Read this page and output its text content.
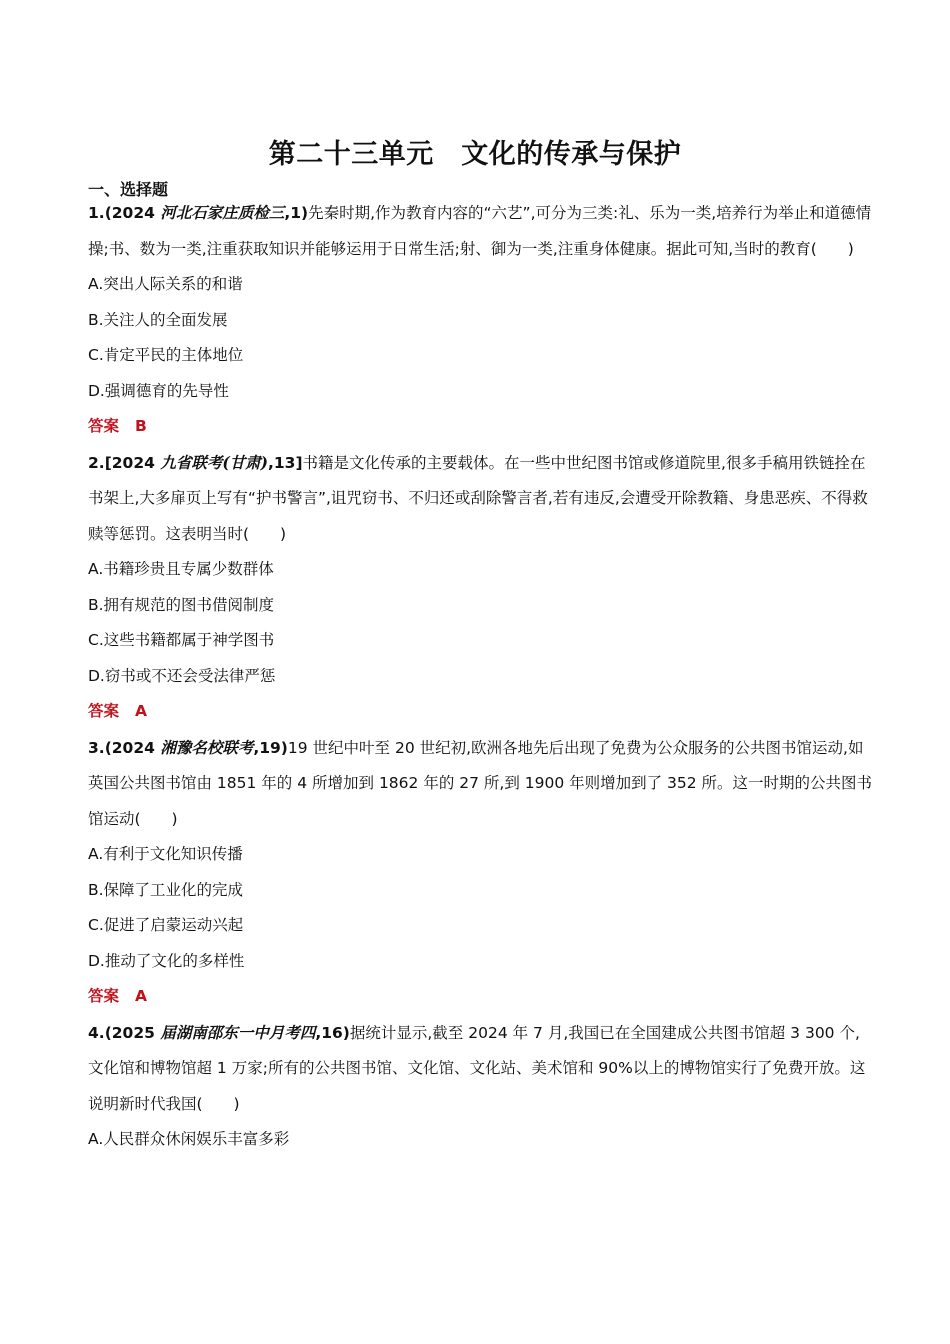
第二十三单元　文化的传承与保护
一、选择题

1.(2024 河北石家庄质检三,1)先秦时期,作为教育内容的“六艺”,可分为三类:礼、乐为一类,培养行为举止和道德情操;书、数为一类,注重获取知识并能够运用于日常生活;射、御为一类,注重身体健康。据此可知,当时的教育(　　)

A.突出人际关系的和谐

B.关注人的全面发展

C.肯定平民的主体地位

D.强调德育的先导性

答案 B

2.[2024 九省联考(甘肃),13]书籍是文化传承的主要载体。在一些中世纪图书馆或修道院里,很多手稿用铁链拴在书架上,大多扉页上写有“护书警言”,诅咒窃书、不归还或刮除警言者,若有违反,会遭受开除教籍、身患恶疾、不得救赎等惩罚。这表明当时(　　)

A.书籍珍贵且专属少数群体

B.拥有规范的图书借阅制度

C.这些书籍都属于神学图书

D.窃书或不还会受法律严惩

答案 A

3.(2024 湘豫名校联考,19)19 世纪中叶至 20 世纪初,欧洲各地先后出现了免费为公众服务的公共图书馆运动,如英国公共图书馆由 1851 年的 4 所增加到 1862 年的 27 所,到 1900 年则增加到了 352 所。这一时期的公共图书馆运动(　　)

A.有利于文化知识传播

B.保障了工业化的完成

C.促进了启蒙运动兴起

D.推动了文化的多样性

答案 A

4.(2025 届湖南邵东一中月考四,16)据统计显示,截至 2024 年 7 月,我国已在全国建成公共图书馆超 3 300 个,文化馆和博物馆超 1 万家;所有的公共图书馆、文化馆、文化站、美术馆和 90%以上的博物馆实行了免费开放。这说明新时代我国(　　)

A.人民群众休闲娱乐丰富多彩
